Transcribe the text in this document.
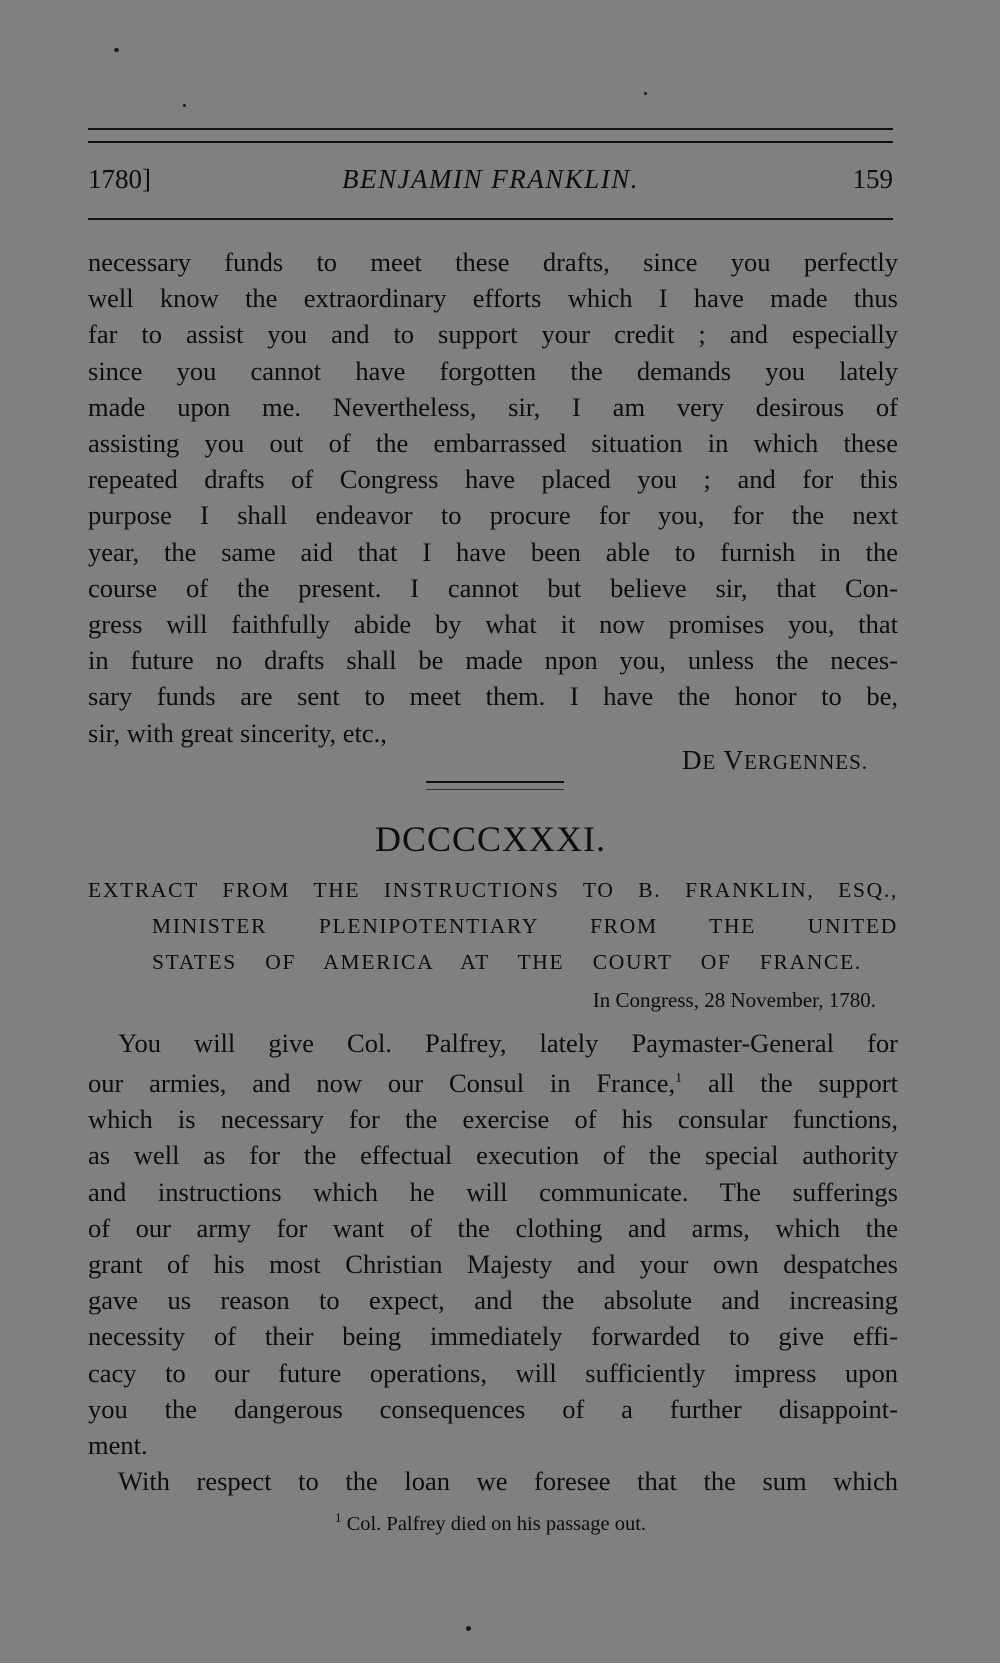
1780]	BENJAMIN FRANKLIN.	159
necessary funds to meet these drafts, since you perfectly
well know the extraordinary efforts which I have made thus
far to assist you and to support your credit ; and especially
since you cannot have forgotten the demands you lately
made upon me. Nevertheless, sir, I am very desirous of
assisting you out of the embarrassed situation in which these
repeated drafts of Congress have placed you ; and for this
purpose I shall endeavor to procure for you, for the next
year, the same aid that I have been able to furnish in the
course of the present. I cannot but believe sir, that Con-
gress will faithfully abide by what it now promises you, that
in future no drafts shall be made npon you, unless the neces-
sary funds are sent to meet them. I have the honor to be,
sir, with great sincerity, etc.,
DE VERGENNES.
DCCCCXXXI.
EXTRACT FROM THE INSTRUCTIONS TO B. FRANKLIN, ESQ.,
MINISTER PLENIPOTENTIARY FROM THE UNITED
STATES OF AMERICA AT THE COURT OF FRANCE.
In Congress, 28 November, 1780.
You will give Col. Palfrey, lately Paymaster-General for
our armies, and now our Consul in France,$^1$ all the support
which is necessary for the exercise of his consular functions,
as well as for the effectual execution of the special authority
and instructions which he will communicate. The sufferings
of our army for want of the clothing and arms, which the
grant of his most Christian Majesty and your own despatches
gave us reason to expect, and the absolute and increasing
necessity of their being immediately forwarded to give effi-
cacy to our future operations, will sufficiently impress upon
you the dangerous consequences of a further disappoint-
ment.
With respect to the loan we foresee that the sum which
$^1$ Col. Palfrey died on his passage out.
